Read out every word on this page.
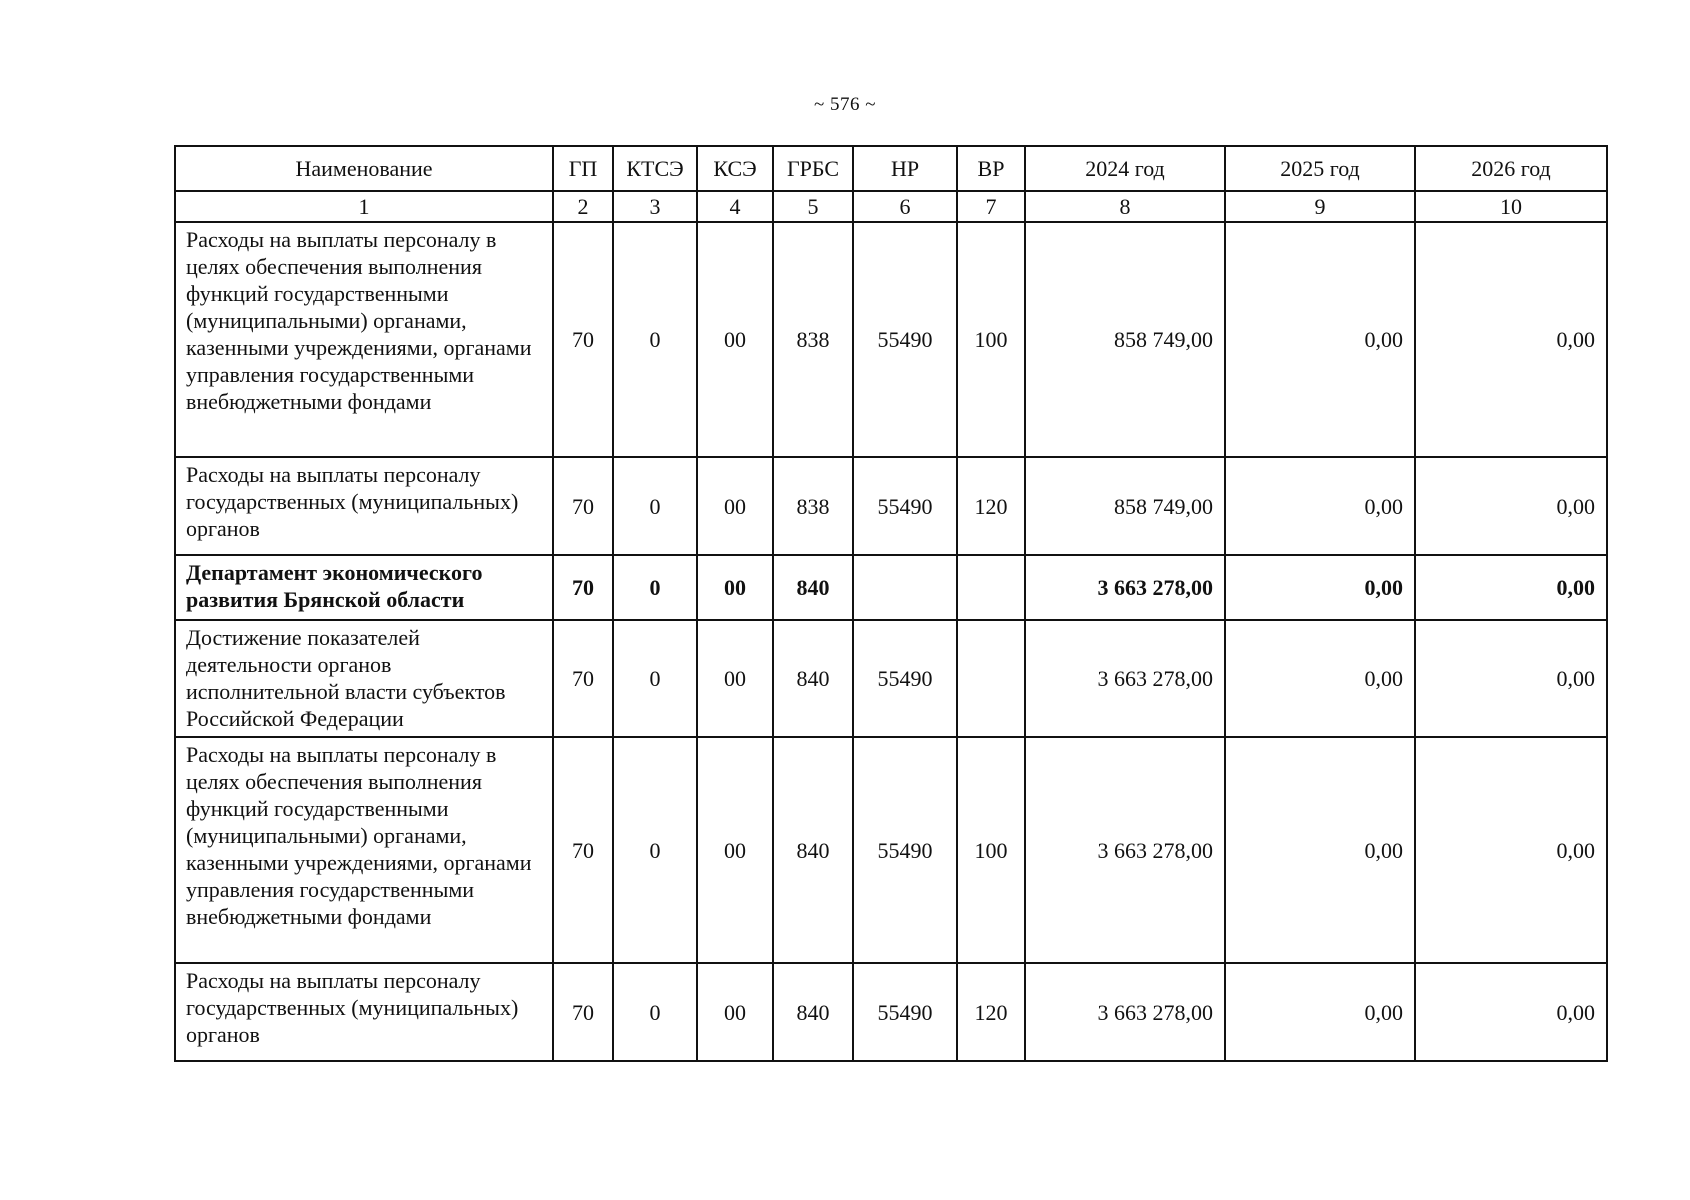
~ 576 ~
Наименование	ГП	КТСЭ	КСЭ	ГРБС	НР	ВР	2024 год	2025 год	2026 год
1	2	3	4	5	6	7	8	9	10
Расходы на выплаты персоналу в целях обеспечения выполнения функций государственными (муниципальными) органами, казенными учреждениями, органами управления государственными внебюджетными фондами	70	0	00	838	55490	100	858 749,00	0,00	0,00
Расходы на выплаты персоналу государственных (муниципальных) органов	70	0	00	838	55490	120	858 749,00	0,00	0,00
Департамент экономического развития Брянской области	70	0	00	840			3 663 278,00	0,00	0,00
Достижение показателей деятельности органов исполнительной власти субъектов Российской Федерации	70	0	00	840	55490		3 663 278,00	0,00	0,00
Расходы на выплаты персоналу в целях обеспечения выполнения функций государственными (муниципальными) органами, казенными учреждениями, органами управления государственными внебюджетными фондами	70	0	00	840	55490	100	3 663 278,00	0,00	0,00
Расходы на выплаты персоналу государственных (муниципальных) органов	70	0	00	840	55490	120	3 663 278,00	0,00	0,00
